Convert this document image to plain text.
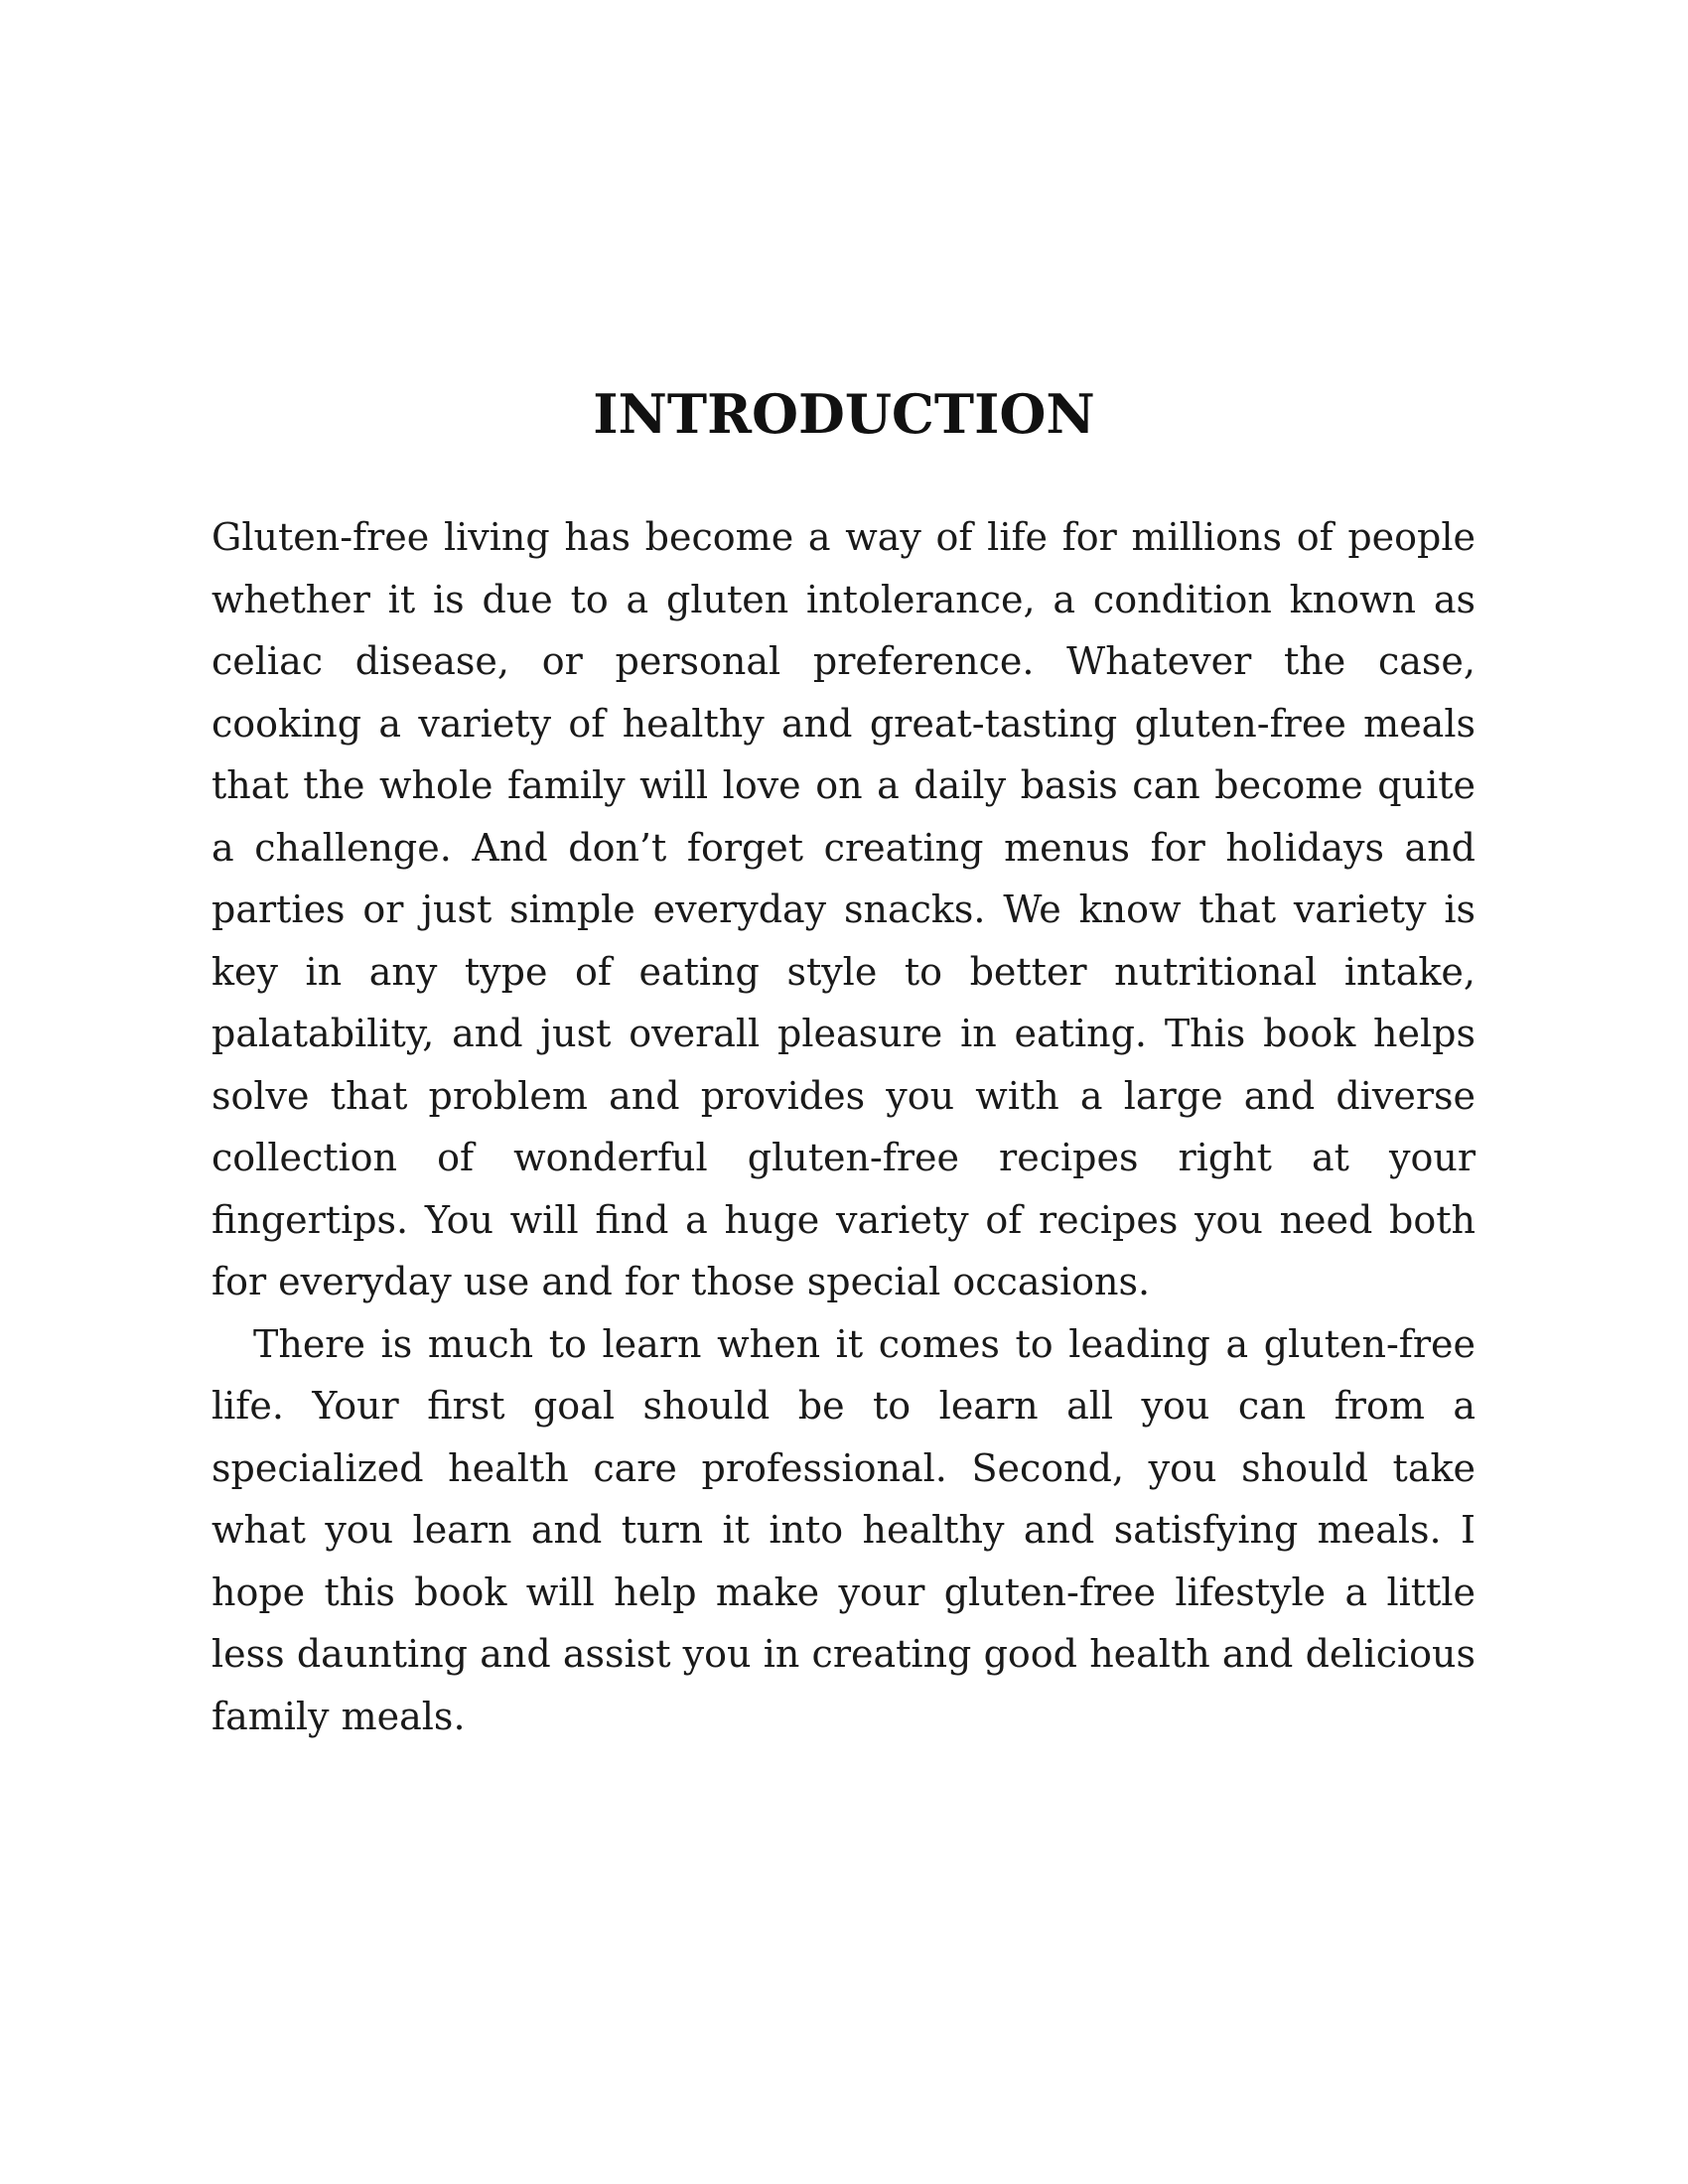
INTRODUCTION

Gluten-free living has become a way of life for millions of people whether it is due to a gluten intolerance, a condition known as celiac disease, or personal preference. Whatever the case, cooking a variety of healthy and great-tasting gluten-free meals that the whole family will love on a daily basis can become quite a challenge. And don’t forget creating menus for holidays and parties or just simple everyday snacks. We know that variety is key in any type of eating style to better nutritional intake, palatability, and just overall pleasure in eating. This book helps solve that problem and provides you with a large and diverse collection of wonderful gluten-free recipes right at your fingertips. You will find a huge variety of recipes you need both for everyday use and for those special occasions.

There is much to learn when it comes to leading a gluten-free life. Your first goal should be to learn all you can from a specialized health care professional. Second, you should take what you learn and turn it into healthy and satisfying meals. I hope this book will help make your gluten-free lifestyle a little less daunting and assist you in creating good health and delicious family meals.
